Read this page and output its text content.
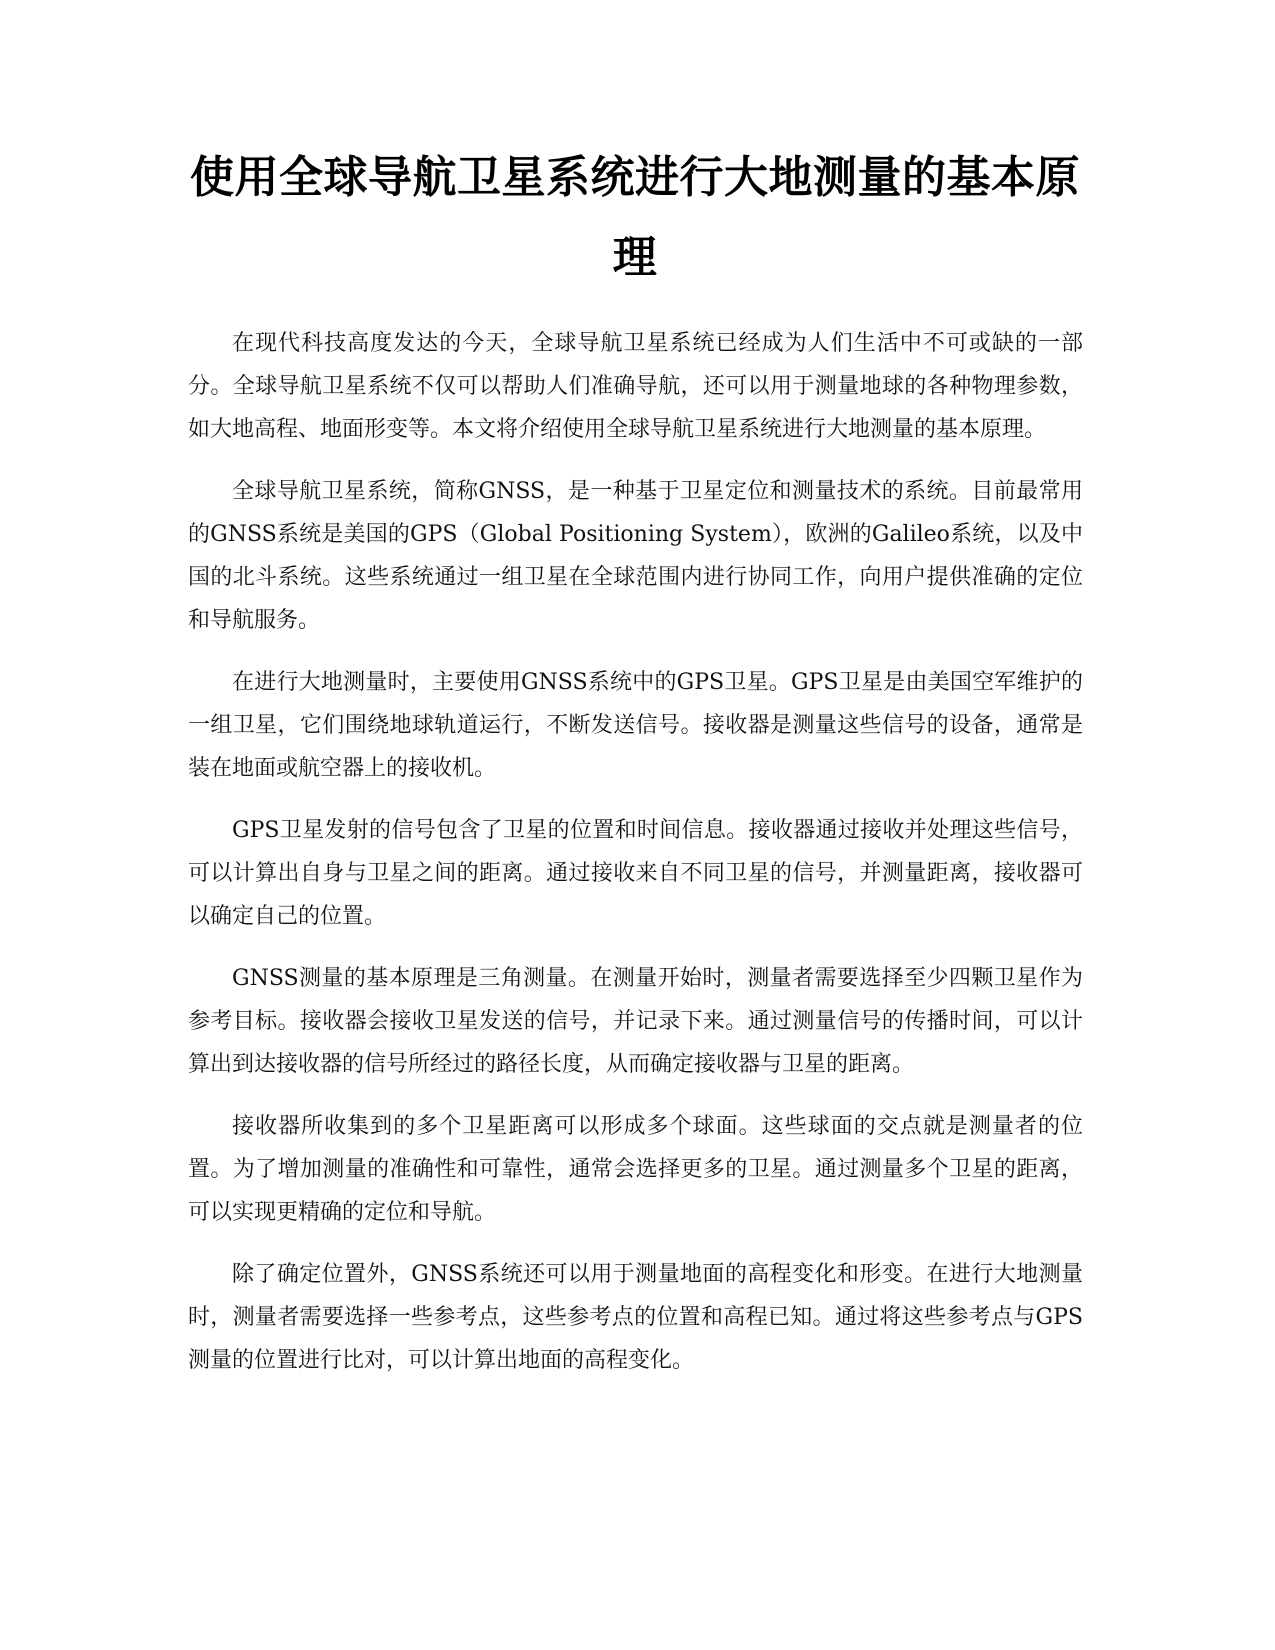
使用全球导航卫星系统进行大地测量的基本原理

在现代科技高度发达的今天，全球导航卫星系统已经成为人们生活中不可或缺的一部分。全球导航卫星系统不仅可以帮助人们准确导航，还可以用于测量地球的各种物理参数，如大地高程、地面形变等。本文将介绍使用全球导航卫星系统进行大地测量的基本原理。

全球导航卫星系统，简称GNSS，是一种基于卫星定位和测量技术的系统。目前最常用的GNSS系统是美国的GPS（Global Positioning System），欧洲的Galileo系统，以及中国的北斗系统。这些系统通过一组卫星在全球范围内进行协同工作，向用户提供准确的定位和导航服务。

在进行大地测量时，主要使用GNSS系统中的GPS卫星。GPS卫星是由美国空军维护的一组卫星，它们围绕地球轨道运行，不断发送信号。接收器是测量这些信号的设备，通常是装在地面或航空器上的接收机。

GPS卫星发射的信号包含了卫星的位置和时间信息。接收器通过接收并处理这些信号，可以计算出自身与卫星之间的距离。通过接收来自不同卫星的信号，并测量距离，接收器可以确定自己的位置。

GNSS测量的基本原理是三角测量。在测量开始时，测量者需要选择至少四颗卫星作为参考目标。接收器会接收卫星发送的信号，并记录下来。通过测量信号的传播时间，可以计算出到达接收器的信号所经过的路径长度，从而确定接收器与卫星的距离。

接收器所收集到的多个卫星距离可以形成多个球面。这些球面的交点就是测量者的位置。为了增加测量的准确性和可靠性，通常会选择更多的卫星。通过测量多个卫星的距离，可以实现更精确的定位和导航。

除了确定位置外，GNSS系统还可以用于测量地面的高程变化和形变。在进行大地测量时，测量者需要选择一些参考点，这些参考点的位置和高程已知。通过将这些参考点与GPS测量的位置进行比对，可以计算出地面的高程变化。
